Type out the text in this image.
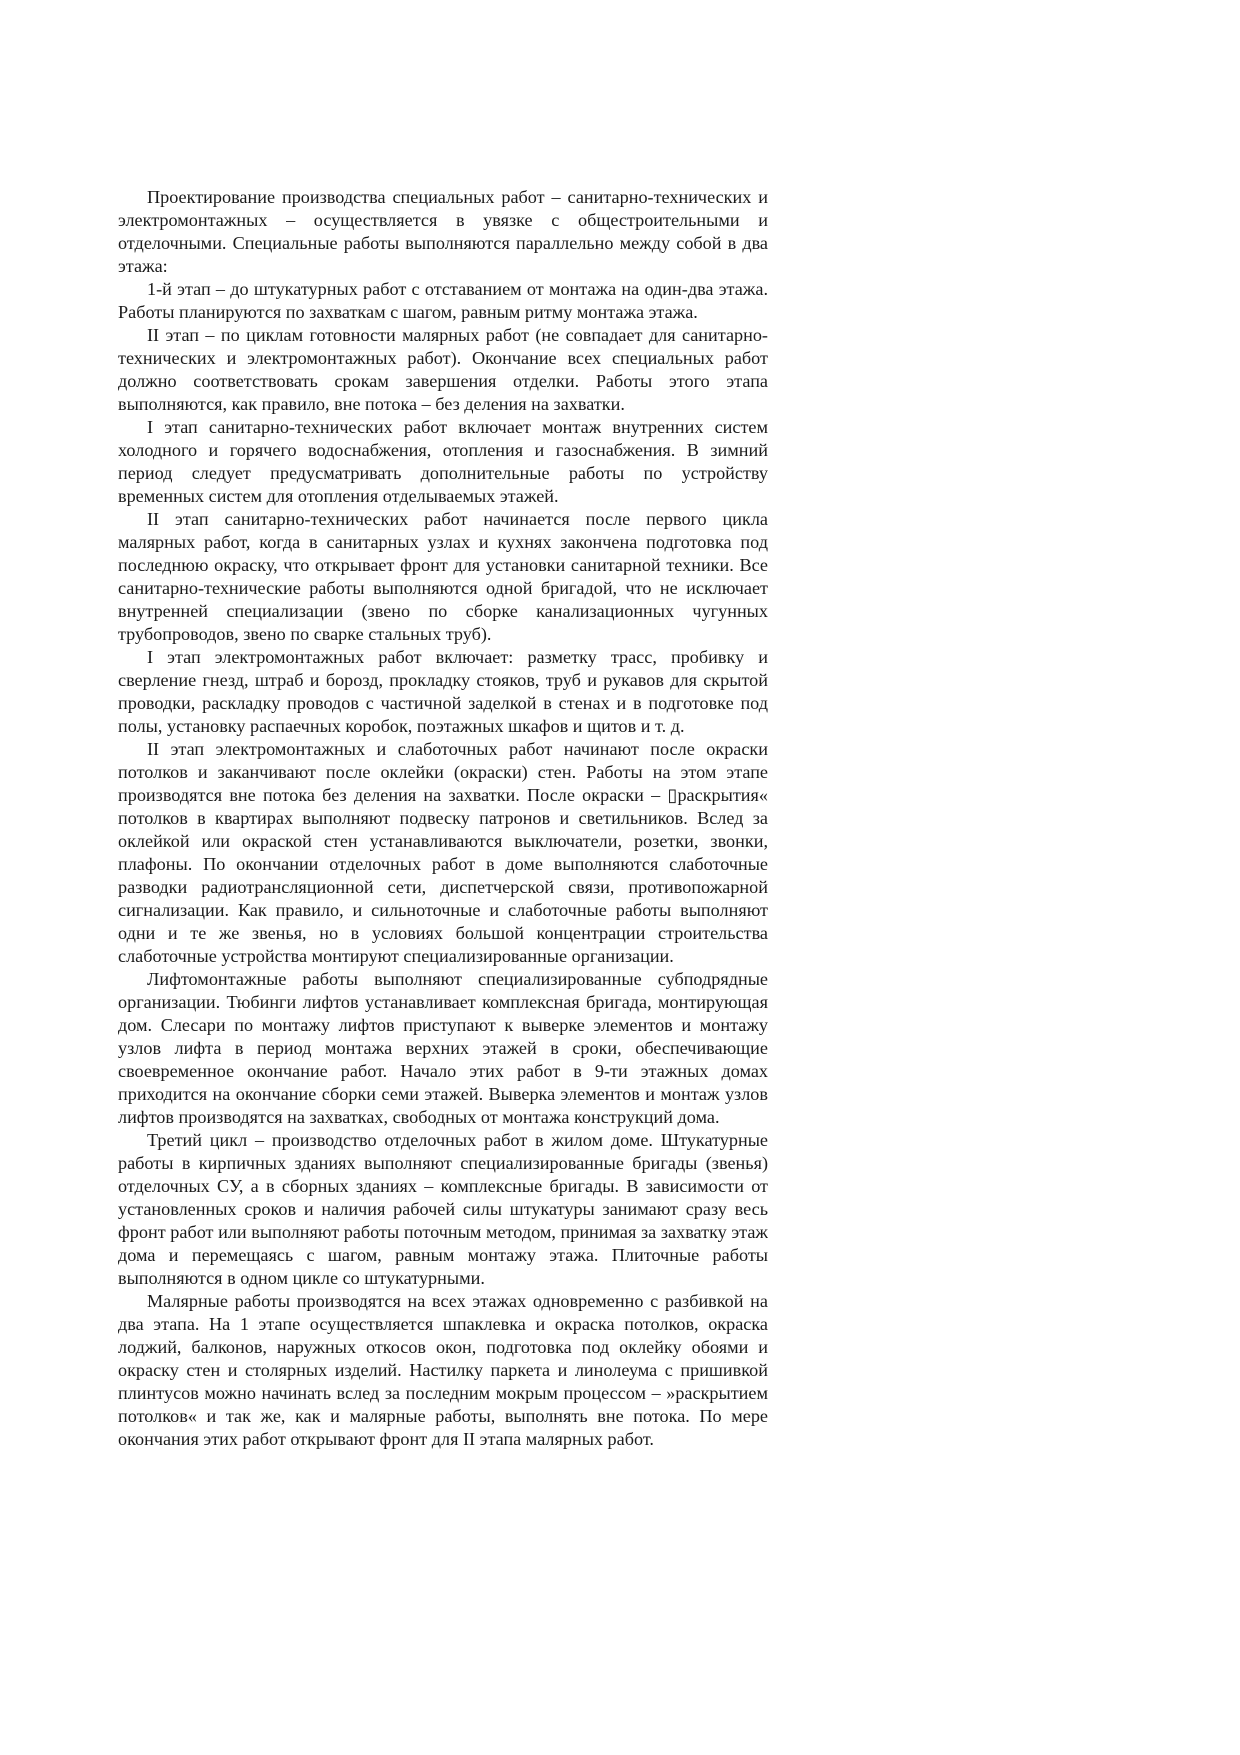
Проектирование производства специальных работ – санитарно-технических и электромонтажных – осуществляется в увязке с общестроительными и отделочными. Специальные работы выполняются параллельно между собой в два этажа:

1-й этап – до штукатурных работ с отставанием от монтажа на один-два этажа. Работы планируются по захваткам с шагом, равным ритму монтажа этажа.

II этап – по циклам готовности малярных работ (не совпадает для санитарно-технических и электромонтажных работ). Окончание всех специальных работ должно соответствовать срокам завершения отделки. Работы этого этапа выполняются, как правило, вне потока – без деления на захватки.

I этап санитарно-технических работ включает монтаж внутренних систем холодного и горячего водоснабжения, отопления и газоснабжения. В зимний период следует предусматривать дополнительные работы по устройству временных систем для отопления отделываемых этажей.

II этап санитарно-технических работ начинается после первого цикла малярных работ, когда в санитарных узлах и кухнях закончена подготовка под последнюю окраску, что открывает фронт для установки санитарной техники. Все санитарно-технические работы выполняются одной бригадой, что не исключает внутренней специализации (звено по сборке канализационных чугунных трубопроводов, звено по сварке стальных труб).

I этап электромонтажных работ включает: разметку трасс, пробивку и сверление гнезд, штраб и борозд, прокладку стояков, труб и рукавов для скрытой проводки, раскладку проводов с частичной заделкой в стенах и в подготовке под полы, установку распаечных коробок, поэтажных шкафов и щитов и т. д.

II этап электромонтажных и слаботочных работ начинают после окраски потолков и заканчивают после оклейки (окраски) стен. Работы на этом этапе производятся вне потока без деления на захватки. После окраски – ▯раскрытия« потолков в квартирах выполняют подвеску патронов и светильников. Вслед за оклейкой или окраской стен устанавливаются выключатели, розетки, звонки, плафоны. По окончании отделочных работ в доме выполняются слаботочные разводки радиотрансляционной сети, диспетчерской связи, противопожарной сигнализации. Как правило, и сильноточные и слаботочные работы выполняют одни и те же звенья, но в условиях большой концентрации строительства слаботочные устройства монтируют специализированные организации.

Лифтомонтажные работы выполняют специализированные субподрядные организации. Тюбинги лифтов устанавливает комплексная бригада, монтирующая дом. Слесари по монтажу лифтов приступают к выверке элементов и монтажу узлов лифта в период монтажа верхних этажей в сроки, обеспечивающие своевременное окончание работ. Начало этих работ в 9-ти этажных домах приходится на окончание сборки семи этажей. Выверка элементов и монтаж узлов лифтов производятся на захватках, свободных от монтажа конструкций дома.

Третий цикл – производство отделочных работ в жилом доме. Штукатурные работы в кирпичных зданиях выполняют специализированные бригады (звенья) отделочных СУ, а в сборных зданиях – комплексные бригады. В зависимости от установленных сроков и наличия рабочей силы штукатуры занимают сразу весь фронт работ или выполняют работы поточным методом, принимая за захватку этаж дома и перемещаясь с шагом, равным монтажу этажа. Плиточные работы выполняются в одном цикле со штукатурными.

Малярные работы производятся на всех этажах одновременно с разбивкой на два этапа. На 1 этапе осуществляется шпаклевка и окраска потолков, окраска лоджий, балконов, наружных откосов окон, подготовка под оклейку обоями и окраску стен и столярных изделий. Настилку паркета и линолеума с пришивкой плинтусов можно начинать вслед за последним мокрым процессом – »раскрытием потолков« и так же, как и малярные работы, выполнять вне потока. По мере окончания этих работ открывают фронт для II этапа малярных работ.
